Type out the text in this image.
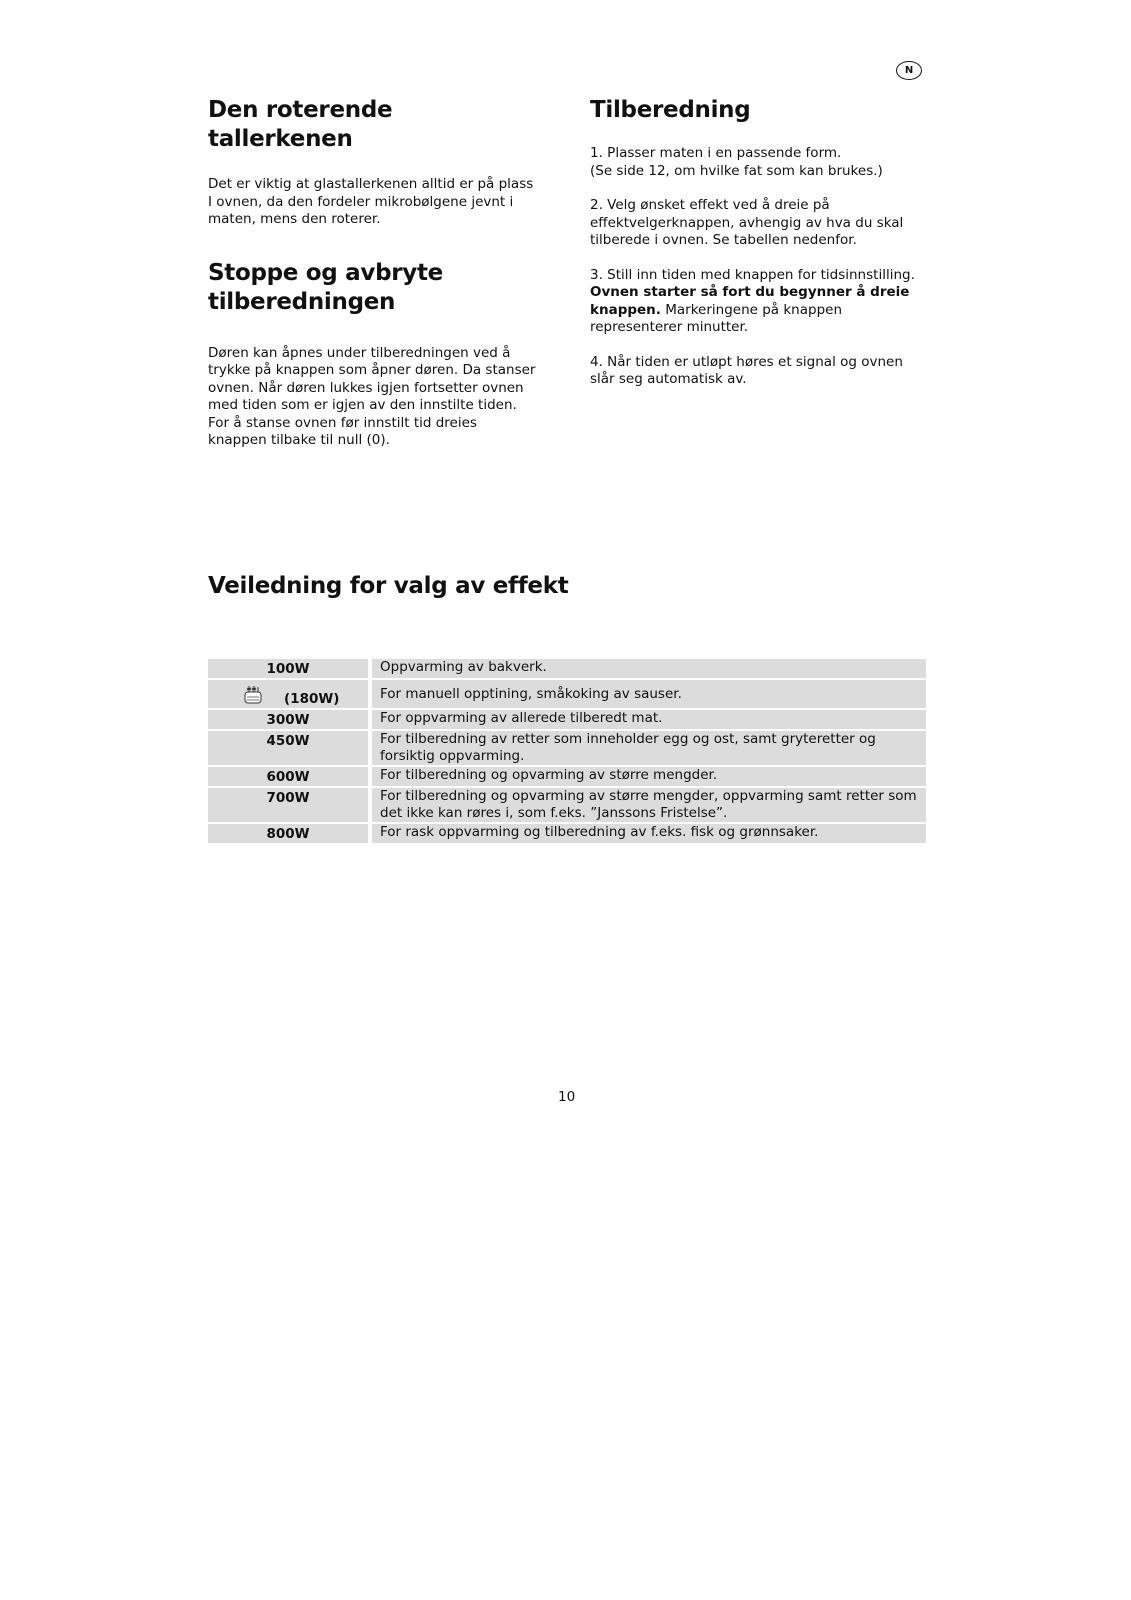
N
Den roterende tallerkenen

Det er viktig at glastallerkenen alltid er på plass I ovnen, da den fordeler mikrobølgene jevnt i maten, mens den roterer.

Stoppe og avbryte tilberedningen

Døren kan åpnes under tilberedningen ved å trykke på knappen som åpner døren. Da stanser ovnen. Når døren lukkes igjen fortsetter ovnen med tiden som er igjen av den innstilte tiden. For å stanse ovnen før innstilt tid dreies knappen tilbake til null (0).

Tilberedning

1. Plasser maten i en passende form.
(Se side 12, om hvilke fat som kan brukes.)

2. Velg ønsket effekt ved å dreie på effektvelgerknappen, avhengig av hva du skal tilberede i ovnen. Se tabellen nedenfor.

3. Still inn tiden med knappen for tidsinnstilling.
Ovnen starter så fort du begynner å dreie knappen. Markeringene på knappen representerer minutter.

4. Når tiden er utløpt høres et signal og ovnen slår seg automatisk av.

Veiledning for valg av effekt
100W	Oppvarming av bakverk.

(180W)	For manuell opptining, småkoking av sauser.
300W	For oppvarming av allerede tilberedt mat.
450W	For tilberedning av retter som inneholder egg og ost, samt gryteretter og forsiktig oppvarming.
600W	For tilberedning og opvarming av større mengder.
700W	For tilberedning og opvarming av større mengder, oppvarming samt retter som det ikke kan røres i, som f.eks. ”Janssons Fristelse”.
800W	For rask oppvarming og tilberedning av f.eks. fisk og grønnsaker.
10
